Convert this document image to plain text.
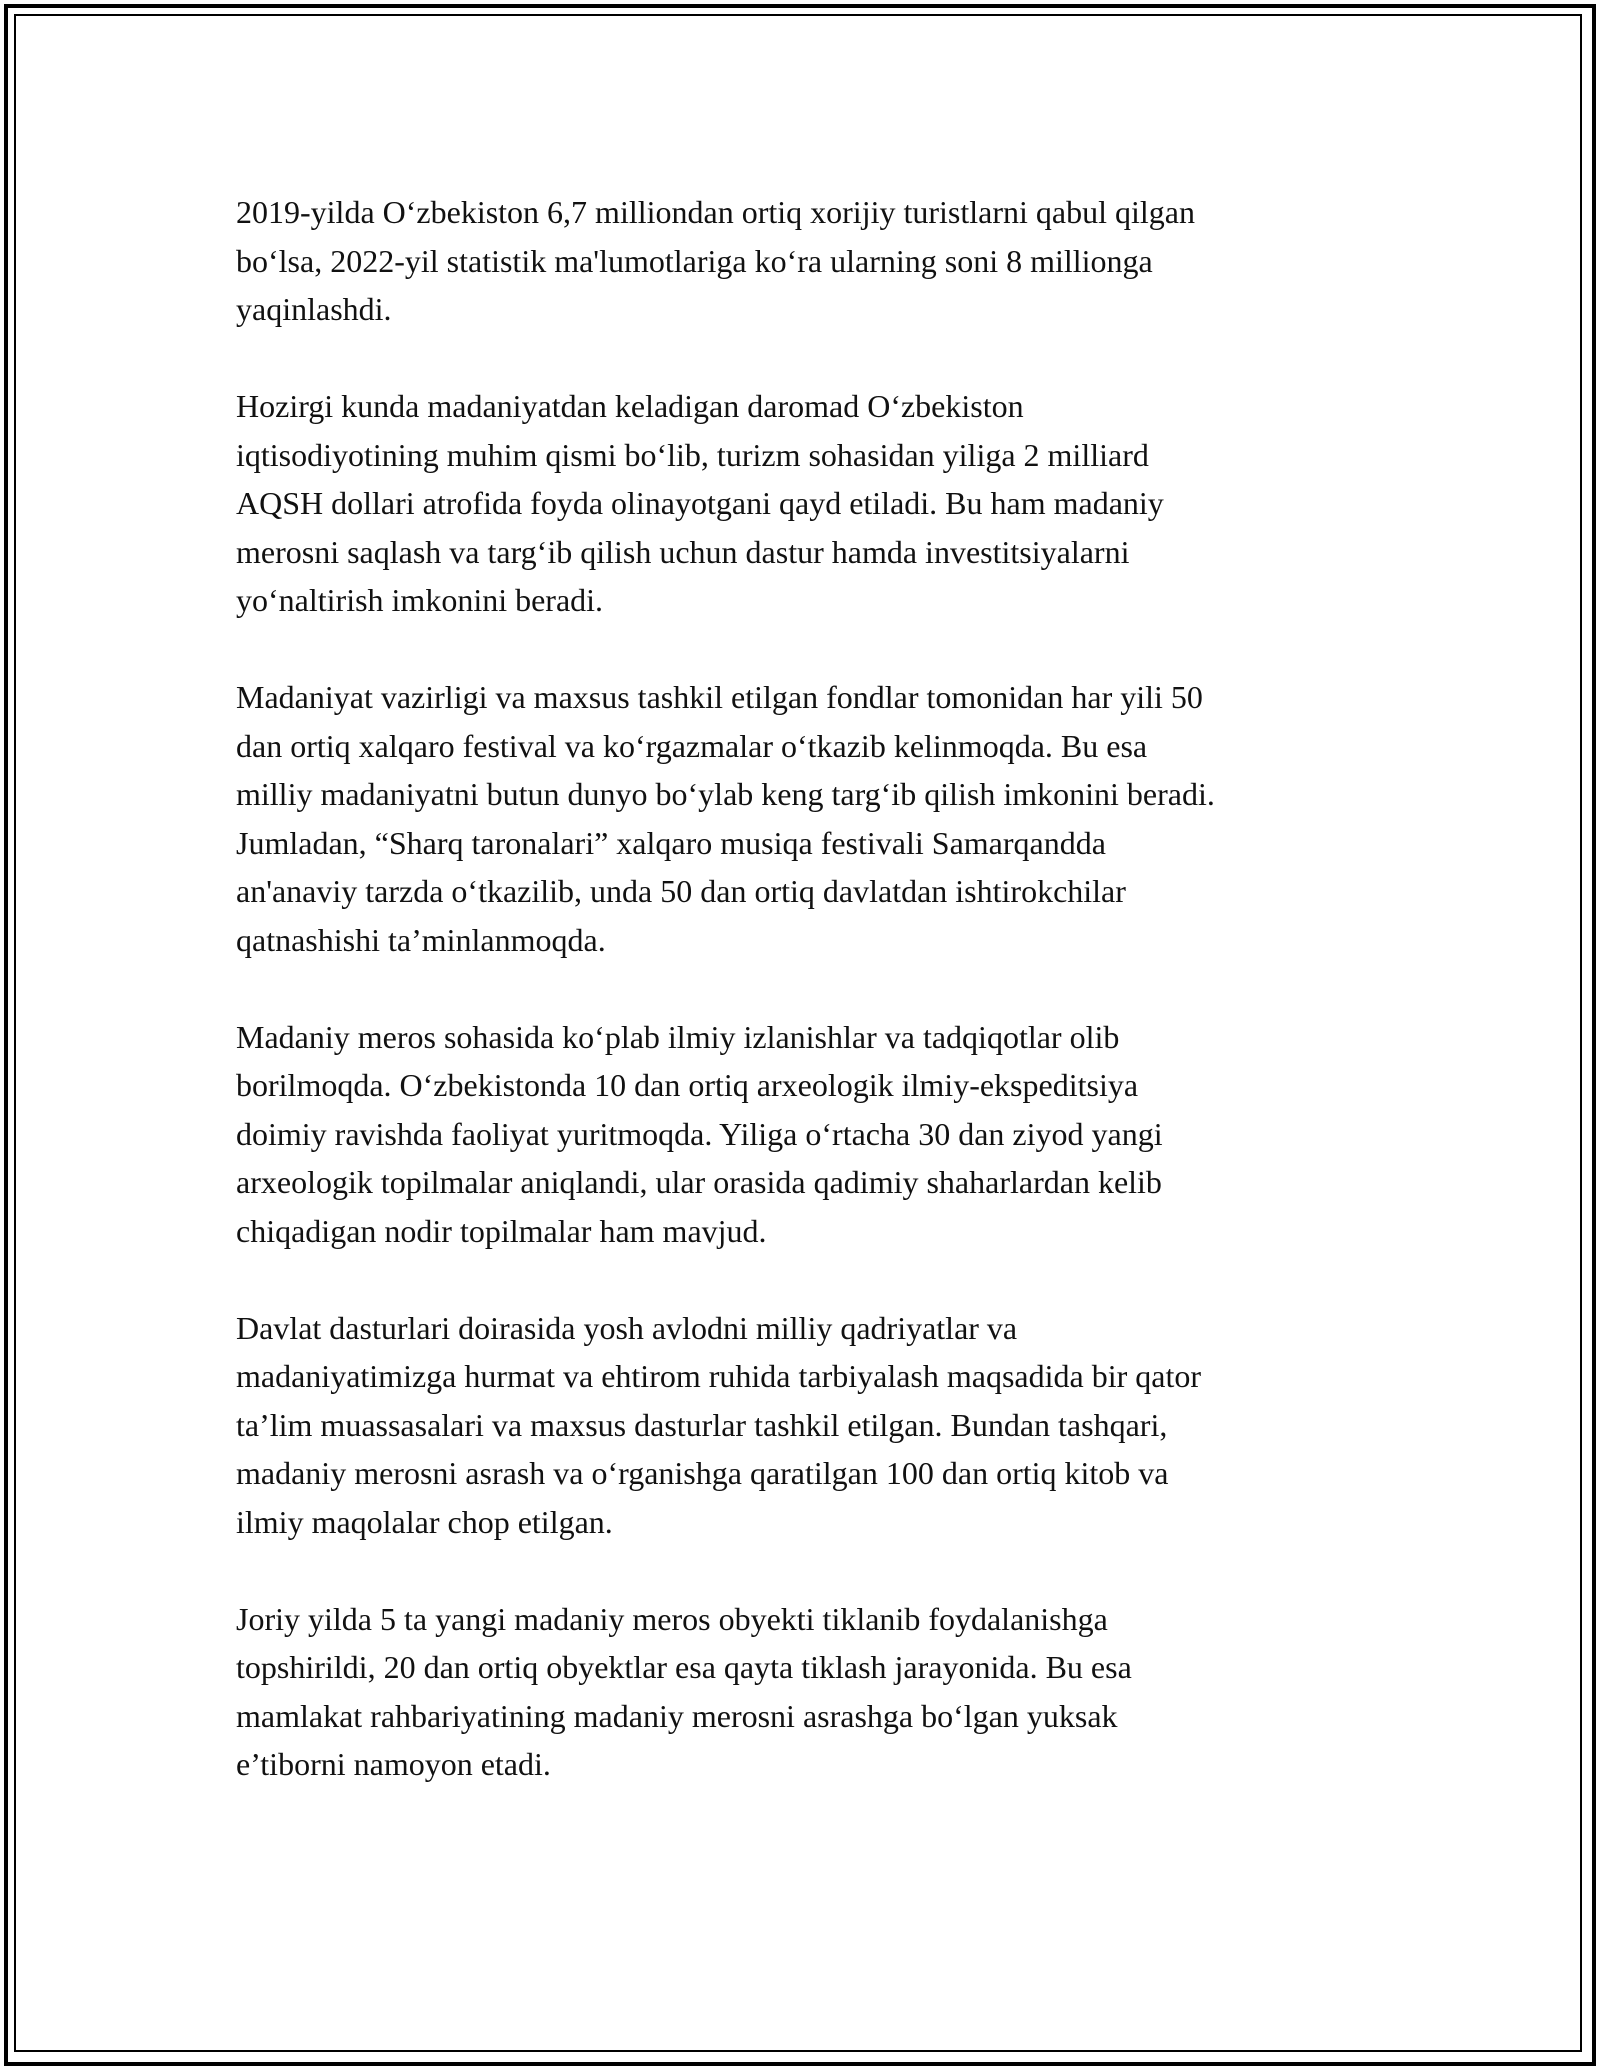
2019-yilda O‘zbekiston 6,7 milliondan ortiq xorijiy turistlarni qabul qilgan
bo‘lsa, 2022-yil statistik ma'lumotlariga ko‘ra ularning soni 8 millionga
yaqinlashdi.

Hozirgi kunda madaniyatdan keladigan daromad O‘zbekiston
iqtisodiyotining muhim qismi bo‘lib, turizm sohasidan yiliga 2 milliard
AQSH dollari atrofida foyda olinayotgani qayd etiladi. Bu ham madaniy
merosni saqlash va targ‘ib qilish uchun dastur hamda investitsiyalarni
yo‘naltirish imkonini beradi.

Madaniyat vazirligi va maxsus tashkil etilgan fondlar tomonidan har yili 50
dan ortiq xalqaro festival va ko‘rgazmalar o‘tkazib kelinmoqda. Bu esa
milliy madaniyatni butun dunyo bo‘ylab keng targ‘ib qilish imkonini beradi.
Jumladan, “Sharq taronalari” xalqaro musiqa festivali Samarqandda
an'anaviy tarzda o‘tkazilib, unda 50 dan ortiq davlatdan ishtirokchilar
qatnashishi ta’minlanmoqda.

Madaniy meros sohasida ko‘plab ilmiy izlanishlar va tadqiqotlar olib
borilmoqda. O‘zbekistonda 10 dan ortiq arxeologik ilmiy-ekspeditsiya
doimiy ravishda faoliyat yuritmoqda. Yiliga o‘rtacha 30 dan ziyod yangi
arxeologik topilmalar aniqlandi, ular orasida qadimiy shaharlardan kelib
chiqadigan nodir topilmalar ham mavjud.

Davlat dasturlari doirasida yosh avlodni milliy qadriyatlar va
madaniyatimizga hurmat va ehtirom ruhida tarbiyalash maqsadida bir qator
ta’lim muassasalari va maxsus dasturlar tashkil etilgan. Bundan tashqari,
madaniy merosni asrash va o‘rganishga qaratilgan 100 dan ortiq kitob va
ilmiy maqolalar chop etilgan.

Joriy yilda 5 ta yangi madaniy meros obyekti tiklanib foydalanishga
topshirildi, 20 dan ortiq obyektlar esa qayta tiklash jarayonida. Bu esa
mamlakat rahbariyatining madaniy merosni asrashga bo‘lgan yuksak
e’tiborni namoyon etadi.
